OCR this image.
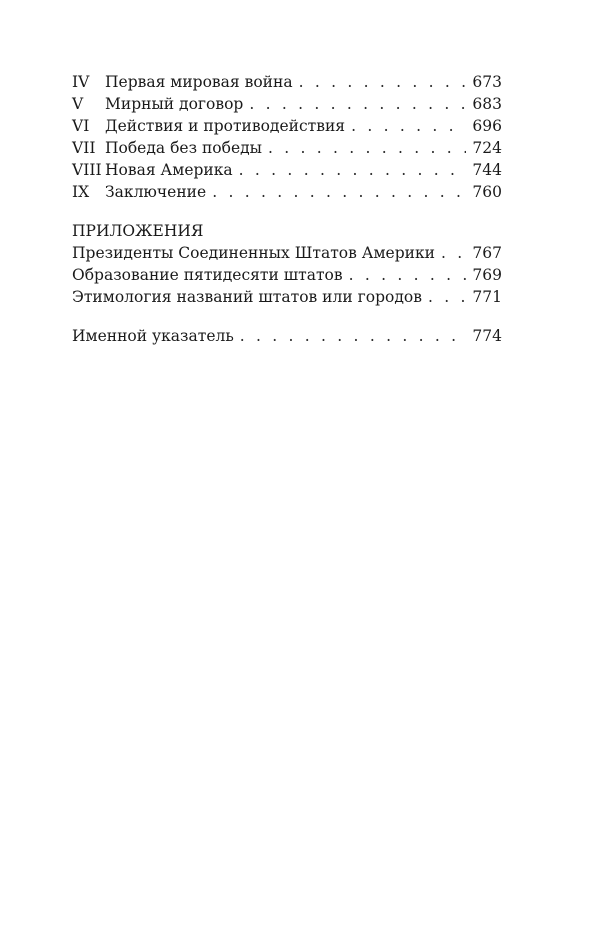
IV	Первая мировая война . . .	673
V	Мирный договор . . .	683
VI	Действия и противодействия . . .	696
VII Победа без победы . . .	724
VIII Новая Америка . . .	744
IX	Заключение . . .	760
ПРИЛОЖЕНИЯ
Президенты Соединенных Штатов Америки . . .	767
Образование пятидесяти штатов . . .	769
Этимология названий штатов или городов . . .	771
Именной указатель . . .	774
